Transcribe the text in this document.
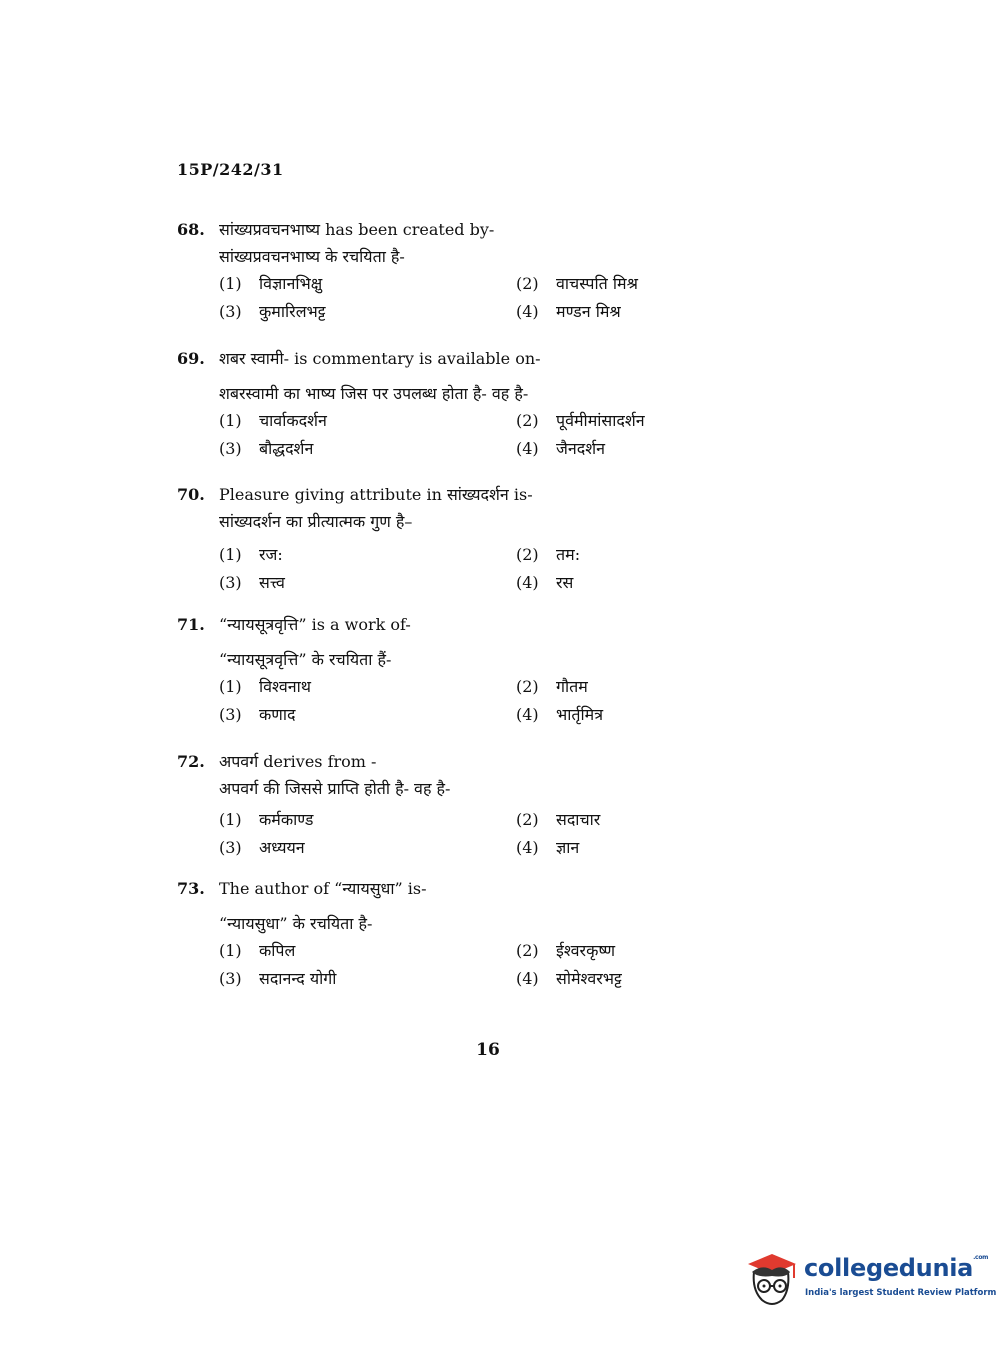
15P/242/31
68. सांख्यप्रवचनभाष्य has been created by-
सांख्यप्रवचनभाष्य के रचयिता है-
(1)	विज्ञानभिक्षु	(2)	वाचस्पति मिश्र
(3)	कुमारिलभट्ट	(4)	मण्डन मिश्र
69. शबर स्वामी- is commentary is available on-
शबरस्वामी का भाष्य जिस पर उपलब्ध होता है- वह है-
(1)	चार्वाकदर्शन	(2)	पूर्वमीमांसादर्शन
(3)	बौद्धदर्शन	(4)	जैनदर्शन
70. Pleasure giving attribute in सांख्यदर्शन is-
सांख्यदर्शन का प्रीत्यात्मक गुण है–
(1)	रज:	(2)	तम:
(3)	सत्त्व	(4)	रस
71. “न्यायसूत्रवृत्ति” is a work of-
“न्यायसूत्रवृत्ति” के रचयिता हैं-
(1)	विश्वनाथ	(2)	गौतम
(3)	कणाद	(4)	भार्तृमित्र
72. अपवर्ग derives from -
अपवर्ग की जिससे प्राप्ति होती है- वह है-
(1)	कर्मकाण्ड	(2)	सदाचार
(3)	अध्ययन	(4)	ज्ञान
73. The author of “न्यायसुधा” is-
“न्यायसुधा” के रचयिता है-
(1)	कपिल	(2)	ईश्वरकृष्ण
(3)	सदानन्द योगी	(4)	सोमेश्वरभट्ट
16
collegedunia$^{.com}$
India's largest Student Review Platform
